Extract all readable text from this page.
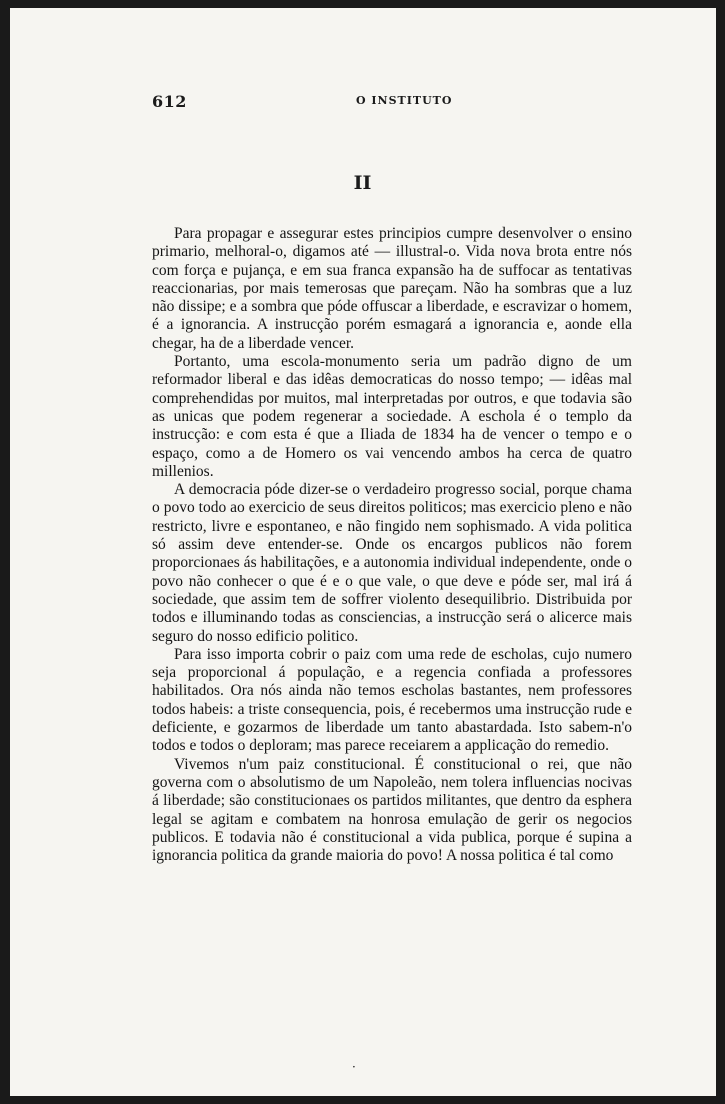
612	O INSTITUTO
II

Para propagar e assegurar estes principios cumpre desenvolver o ensino primario, melhoral-o, digamos até — illustral-o. Vida nova brota entre nós com força e pujança, e em sua franca expansão ha de suffocar as tentativas reaccionarias, por mais temerosas que pareçam. Não ha sombras que a luz não dissipe; e a sombra que póde offuscar a liberdade, e escravizar o homem, é a ignorancia. A instrucção porém esmagará a ignorancia e, aonde ella chegar, ha de a liberdade vencer.

Portanto, uma escola-monumento seria um padrão digno de um reformador liberal e das idêas democraticas do nosso tempo; — idêas mal comprehendidas por muitos, mal interpretadas por outros, e que todavia são as unicas que podem regenerar a sociedade. A eschola é o templo da instrucção: e com esta é que a Iliada de 1834 ha de vencer o tempo e o espaço, como a de Homero os vai vencendo ambos ha cerca de quatro millenios.

A democracia póde dizer-se o verdadeiro progresso social, porque chama o povo todo ao exercicio de seus direitos politicos; mas exercicio pleno e não restricto, livre e espontaneo, e não fingido nem sophismado. A vida politica só assim deve entender-se. Onde os encargos publicos não forem proporcionaes ás habilitações, e a autonomia individual independente, onde o povo não conhecer o que é e o que vale, o que deve e póde ser, mal irá á sociedade, que assim tem de soffrer violento desequilibrio. Distribuida por todos e illuminando todas as consciencias, a instrucção será o alicerce mais seguro do nosso edificio politico.

Para isso importa cobrir o paiz com uma rede de escholas, cujo numero seja proporcional á população, e a regencia confiada a professores habilitados. Ora nós ainda não temos escholas bastantes, nem professores todos habeis: a triste consequencia, pois, é recebermos uma instrucção rude e deficiente, e gozarmos de liberdade um tanto abastardada. Isto sabem-n'o todos e todos o deploram; mas parece receiarem a applicação do remedio.

Vivemos n'um paiz constitucional. É constitucional o rei, que não governa com o absolutismo de um Napoleão, nem tolera influencias nocivas á liberdade; são constitucionaes os partidos militantes, que dentro da esphera legal se agitam e combatem na honrosa emulação de gerir os negocios publicos. E todavia não é constitucional a vida publica, porque é supina a ignorancia politica da grande maioria do povo! A nossa politica é tal como

·
